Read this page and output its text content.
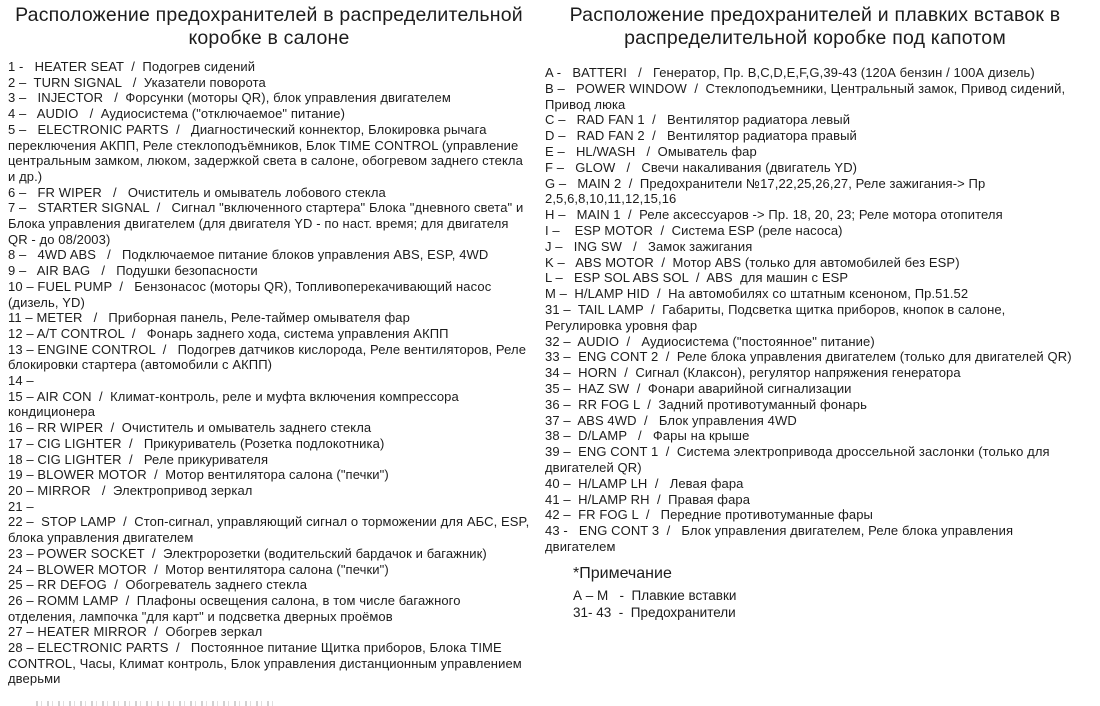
Расположение предохранителей в распределительной коробке в салоне

1 -   HEATER SEAT  /  Подогрев сидений

2 –  TURN SIGNAL   /  Указатели поворота

3 –   INJECTOR   /  Форсунки (моторы QR), блок управления двигателем

4 –   AUDIO   /  Аудиосистема ("отключаемое" питание)

5 –   ELECTRONIC PARTS  /   Диагностический коннектор, Блокировка рычага переключения АКПП, Реле стеклоподъёмников, Блок TIME CONTROL (управление центральным замком, люком, задержкой света в салоне, обогревом заднего стекла и др.)

6 –   FR WIPER   /   Очиститель и омыватель лобового стекла

7 –   STARTER SIGNAL  /   Сигнал "включенного стартера" Блока "дневного света" и Блока управления двигателем (для двигателя YD - по наст. время; для двигателя QR - до 08/2003)

8 –   4WD ABS   /   Подключаемое питание блоков управления ABS, ESP, 4WD

9 –   AIR BAG   /   Подушки безопасности

10 – FUEL PUMP  /   Бензонасос (моторы QR), Топливоперекачивающий насос (дизель, YD)

11 – METER   /   Приборная панель, Реле-таймер омывателя фар

12 – A/T CONTROL  /   Фонарь заднего хода, система управления АКПП

13 – ENGINE CONTROL  /   Подогрев датчиков кислорода, Реле вентиляторов, Реле блокировки стартера (автомобили с АКПП)

14 –

15 – AIR CON  /  Климат-контроль, реле и муфта включения компрессора кондиционера

16 – RR WIPER  /  Очиститель и омыватель заднего стекла

17 – CIG LIGHTER  /   Прикуриватель (Розетка подлокотника)

18 – CIG LIGHTER  /   Реле прикуривателя

19 – BLOWER MOTOR  /  Мотор вентилятора салона ("печки")

20 – MIRROR   /  Электропривод зеркал

21 –

22 –  STOP LAMP  /  Стоп-сигнал, управляющий сигнал о торможении для АБС, ESP, блока управления двигателем

23 – POWER SOCKET  /  Электророзетки (водительский бардачок и багажник)

24 – BLOWER MOTOR  /  Мотор вентилятора салона ("печки")

25 – RR DEFOG  /  Обогреватель заднего стекла

26 – ROMM LAMP  /  Плафоны освещения салона, в том числе багажного отделения, лампочка "для карт" и подсветка дверных проёмов

27 – HEATER MIRROR  /  Обогрев зеркал

28 – ELECTRONIC PARTS  /   Постоянное питание Щитка приборов, Блока TIME CONTROL, Часы, Климат контроль, Блок управления дистанционным управлением дверьми

Расположение предохранителей и плавких вставок в распределительной коробке под капотом

A -   BATTERI   /   Генератор, Пр. B,C,D,E,F,G,39-43 (120А бензин / 100А дизель)

B –   POWER WINDOW  /  Стеклоподъемники, Центральный замок, Привод сидений, Привод люка

C –   RAD FAN 1  /   Вентилятор радиатора левый

D –   RAD FAN 2  /   Вентилятор радиатора правый

E –   HL/WASH   /  Омыватель фар

F –   GLOW   /   Свечи накаливания (двигатель YD)

G –   MAIN 2  /  Предохранители №17,22,25,26,27, Реле зажигания-> Пр 2,5,6,8,10,11,12,15,16

H –   MAIN 1  /  Реле аксессуаров -> Пр. 18, 20, 23; Реле мотора отопителя

I –    ESP MOTOR  /  Система ESP (реле насоса)

J –   ING SW   /   Замок зажигания

K –   ABS MOTOR  /  Мотор ABS (только для автомобилей без ESP)

L –   ESP SOL ABS SOL  /  ABS  для машин с ESP

M –  H/LAMP HID  /  На автомобилях со штатным ксеноном, Пр.51.52

31 –  TAIL LAMP  /  Габариты, Подсветка щитка приборов, кнопок в салоне, Регулировка уровня фар

32 –  AUDIO  /   Аудиосистема ("постоянное" питание)

33 –  ENG CONT 2  /  Реле блока управления двигателем (только для двигателей QR)

34 –  HORN  /  Сигнал (Клаксон), регулятор напряжения генератора

35 –  HAZ SW  /  Фонари аварийной сигнализации

36 –  RR FOG L  /  Задний противотуманный фонарь

37 –  ABS 4WD  /   Блок управления 4WD

38 –  D/LAMP   /   Фары на крыше

39 –  ENG CONT 1  /  Система электропривода дроссельной заслонки (только для двигателей QR)

40 –  H/LAMP LH  /   Левая фара

41 –  H/LAMP RH  /  Правая фара

42 –  FR FOG L  /   Передние противотуманные фары

43 -   ENG CONT 3  /   Блок управления двигателем, Реле блока управления двигателем

*Примечание

А – М   -  Плавкие вставки

31- 43  -  Предохранители
